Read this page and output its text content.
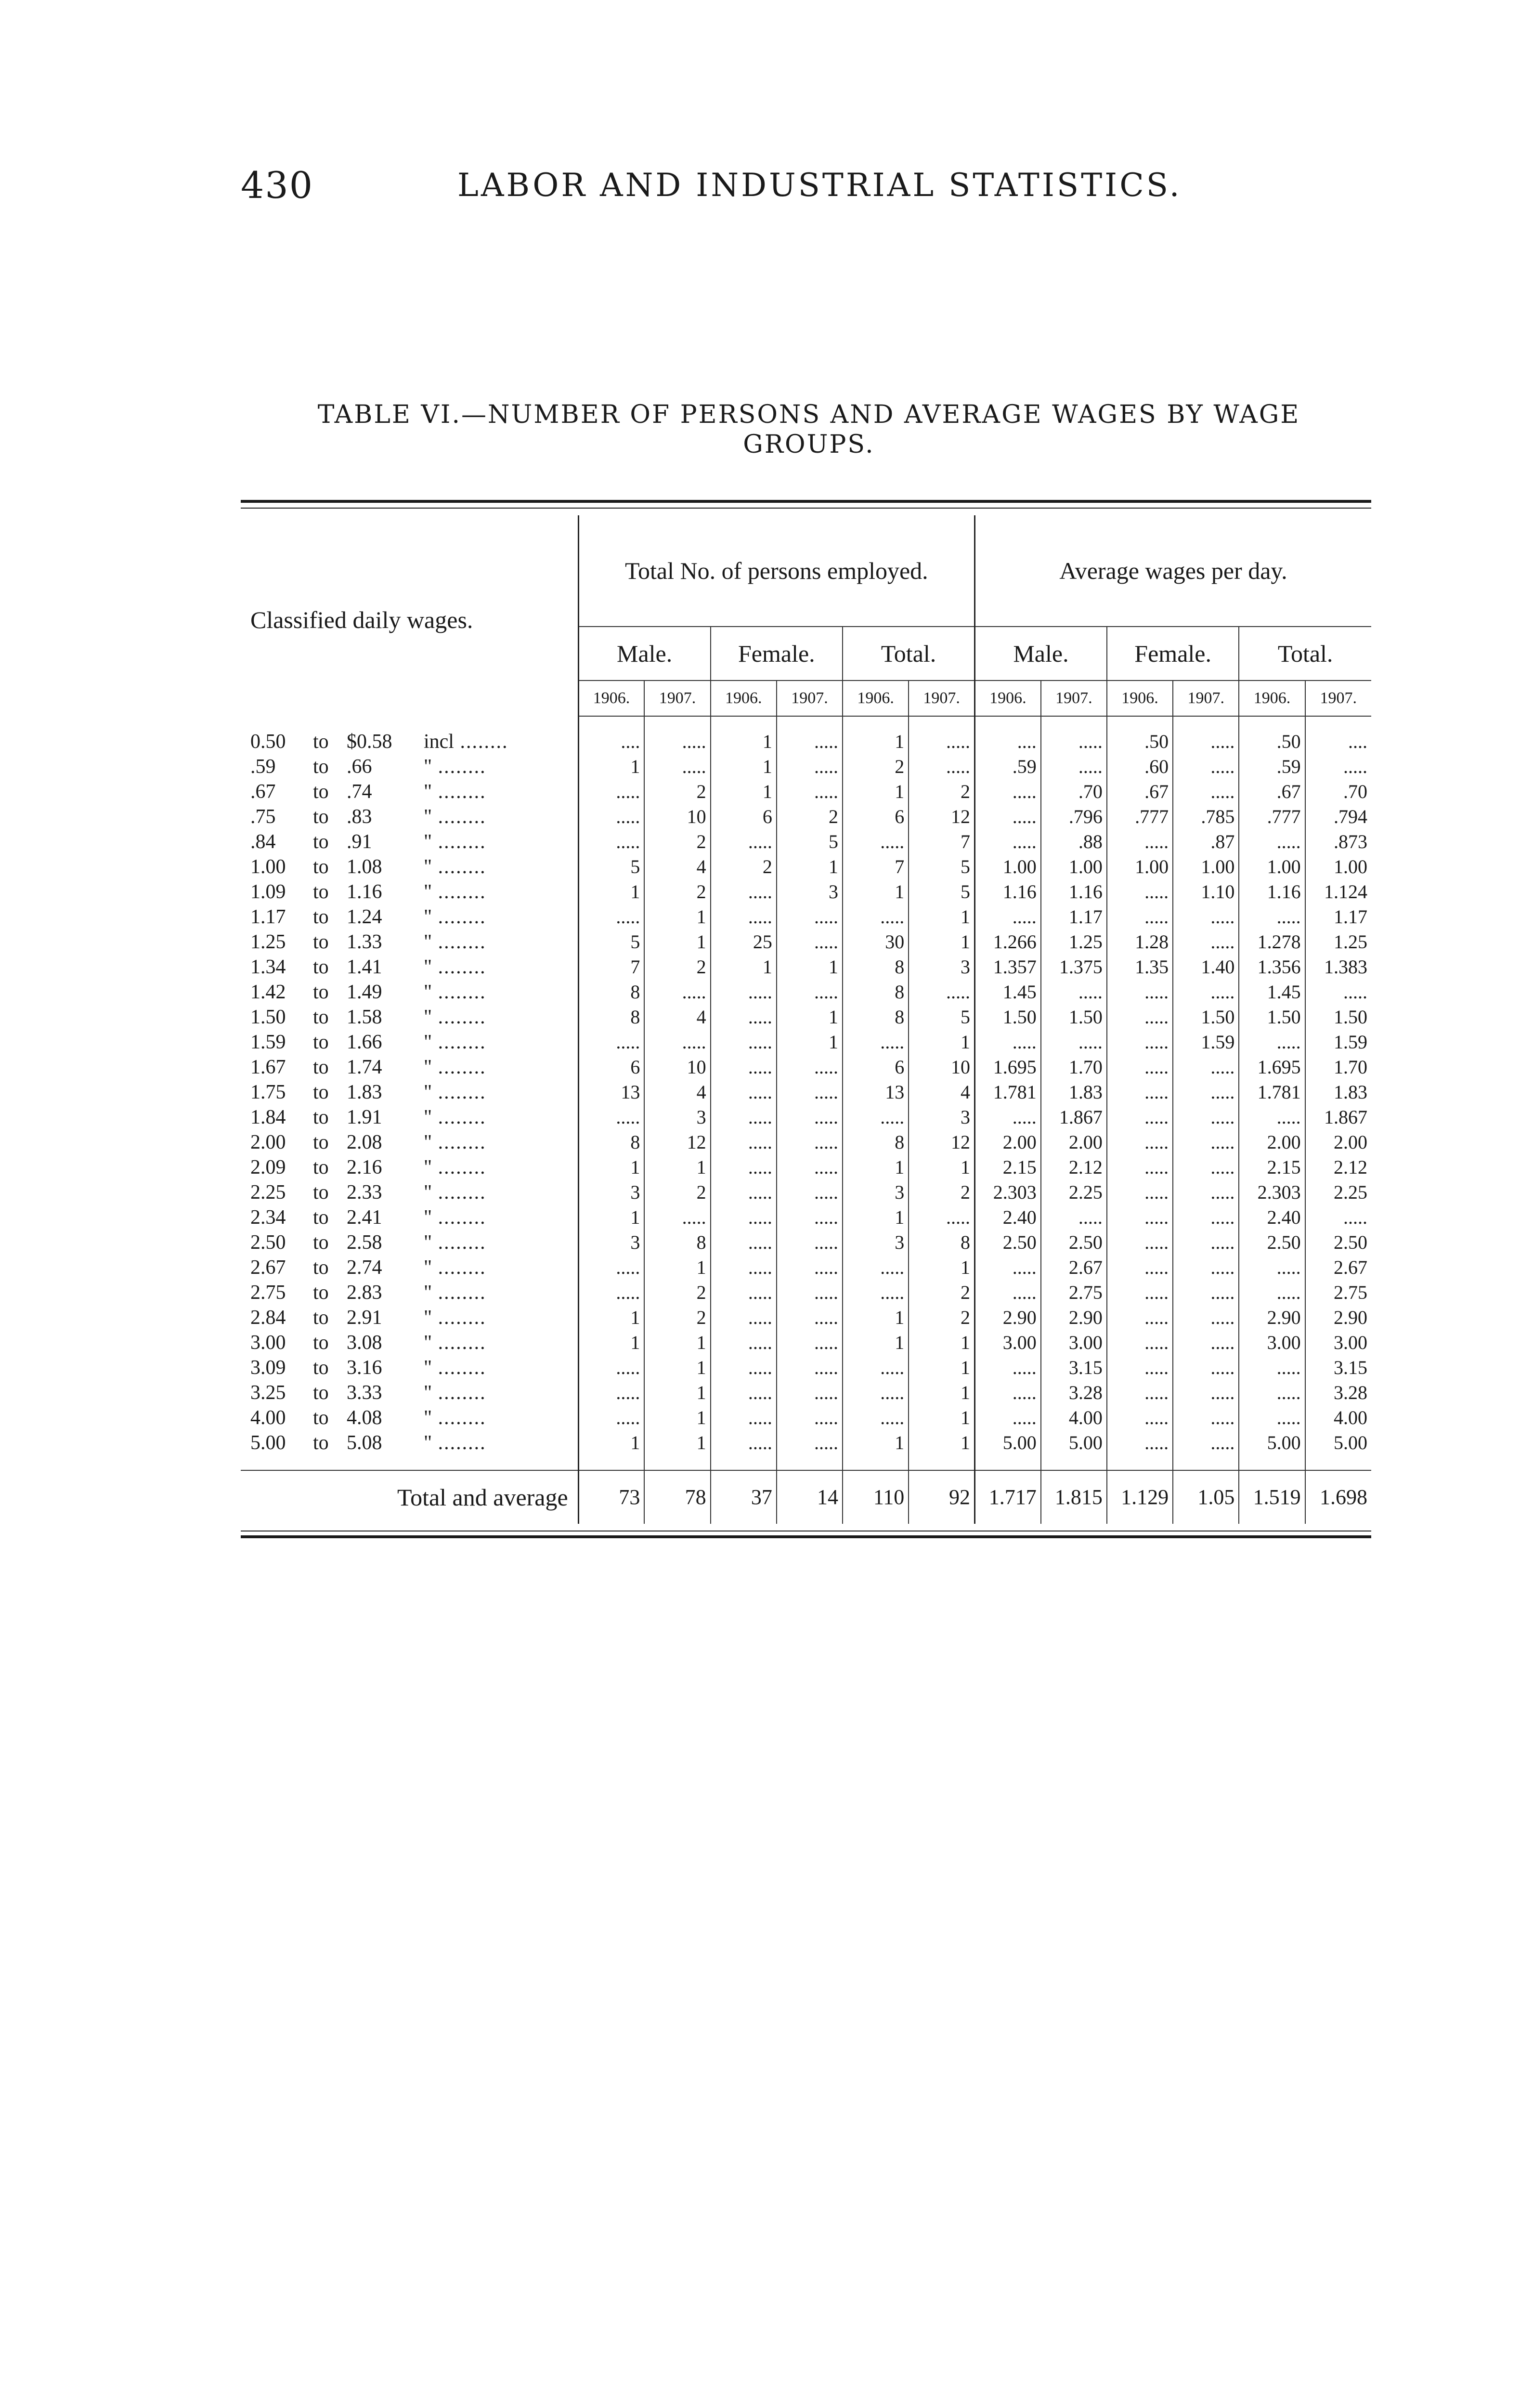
430	LABOR AND INDUSTRIAL STATISTICS.
TABLE VI.—NUMBER OF PERSONS AND AVERAGE WAGES BY WAGE
GROUPS.
Classified daily wages.	Total No. of persons employed.						Average wages per day.					
	Male.		Female.		Total.		Male.		Female.		Total.	
	1906.	1907.	1906.	1907.	1906.	1907.	1906.	1907.	1906.	1907.	1906.	1907.
0.50 to $0.58 incl ........	....	.....	1	.....	1	.....	....	.....	.50	.....	.50	....
.59 to .66 " ........	1	.....	1	.....	2	.....	.59	.....	.60	.....	.59	.....
.67 to .74 " ........	.....	2	1	.....	1	2	.....	.70	.67	.....	.67	.70
.75 to .83 " ........	.....	10	6	2	6	12	.....	.796	.777	.785	.777	.794
.84 to .91 " ........	.....	2	.....	5	.....	7	.....	.88	.....	.87	.....	.873
1.00 to 1.08 " ........	5	4	2	1	7	5	1.00	1.00	1.00	1.00	1.00	1.00
1.09 to 1.16 " ........	1	2	.....	3	1	5	1.16	1.16	.....	1.10	1.16	1.124
1.17 to 1.24 " ........	.....	1	.....	.....	.....	1	.....	1.17	.....	.....	.....	1.17
1.25 to 1.33 " ........	5	1	25	.....	30	1	1.266	1.25	1.28	.....	1.278	1.25
1.34 to 1.41 " ........	7	2	1	1	8	3	1.357	1.375	1.35	1.40	1.356	1.383
1.42 to 1.49 " ........	8	.....	.....	.....	8	.....	1.45	.....	.....	.....	1.45	.....
1.50 to 1.58 " ........	8	4	.....	1	8	5	1.50	1.50	.....	1.50	1.50	1.50
1.59 to 1.66 " ........	.....	.....	.....	1	.....	1	.....	.....	.....	1.59	.....	1.59
1.67 to 1.74 " ........	6	10	.....	.....	6	10	1.695	1.70	.....	.....	1.695	1.70
1.75 to 1.83 " ........	13	4	.....	.....	13	4	1.781	1.83	.....	.....	1.781	1.83
1.84 to 1.91 " ........	.....	3	.....	.....	.....	3	.....	1.867	.....	.....	.....	1.867
2.00 to 2.08 " ........	8	12	.....	.....	8	12	2.00	2.00	.....	.....	2.00	2.00
2.09 to 2.16 " ........	1	1	.....	.....	1	1	2.15	2.12	.....	.....	2.15	2.12
2.25 to 2.33 " ........	3	2	.....	.....	3	2	2.303	2.25	.....	.....	2.303	2.25
2.34 to 2.41 " ........	1	.....	.....	.....	1	.....	2.40	.....	.....	.....	2.40	.....
2.50 to 2.58 " ........	3	8	.....	.....	3	8	2.50	2.50	.....	.....	2.50	2.50
2.67 to 2.74 " ........	.....	1	.....	.....	.....	1	.....	2.67	.....	.....	.....	2.67
2.75 to 2.83 " ........	.....	2	.....	.....	.....	2	.....	2.75	.....	.....	.....	2.75
2.84 to 2.91 " ........	1	2	.....	.....	1	2	2.90	2.90	.....	.....	2.90	2.90
3.00 to 3.08 " ........	1	1	.....	.....	1	1	3.00	3.00	.....	.....	3.00	3.00
3.09 to 3.16 " ........	.....	1	.....	.....	.....	1	.....	3.15	.....	.....	.....	3.15
3.25 to 3.33 " ........	.....	1	.....	.....	.....	1	.....	3.28	.....	.....	.....	3.28
4.00 to 4.08 " ........	.....	1	.....	.....	.....	1	.....	4.00	.....	.....	.....	4.00
5.00 to 5.08 " ........	1	1	.....	.....	1	1	5.00	5.00	.....	.....	5.00	5.00

Total and average	73	78	37	14	110	92	1.717	1.815	1.129	1.05	1.519	1.698
